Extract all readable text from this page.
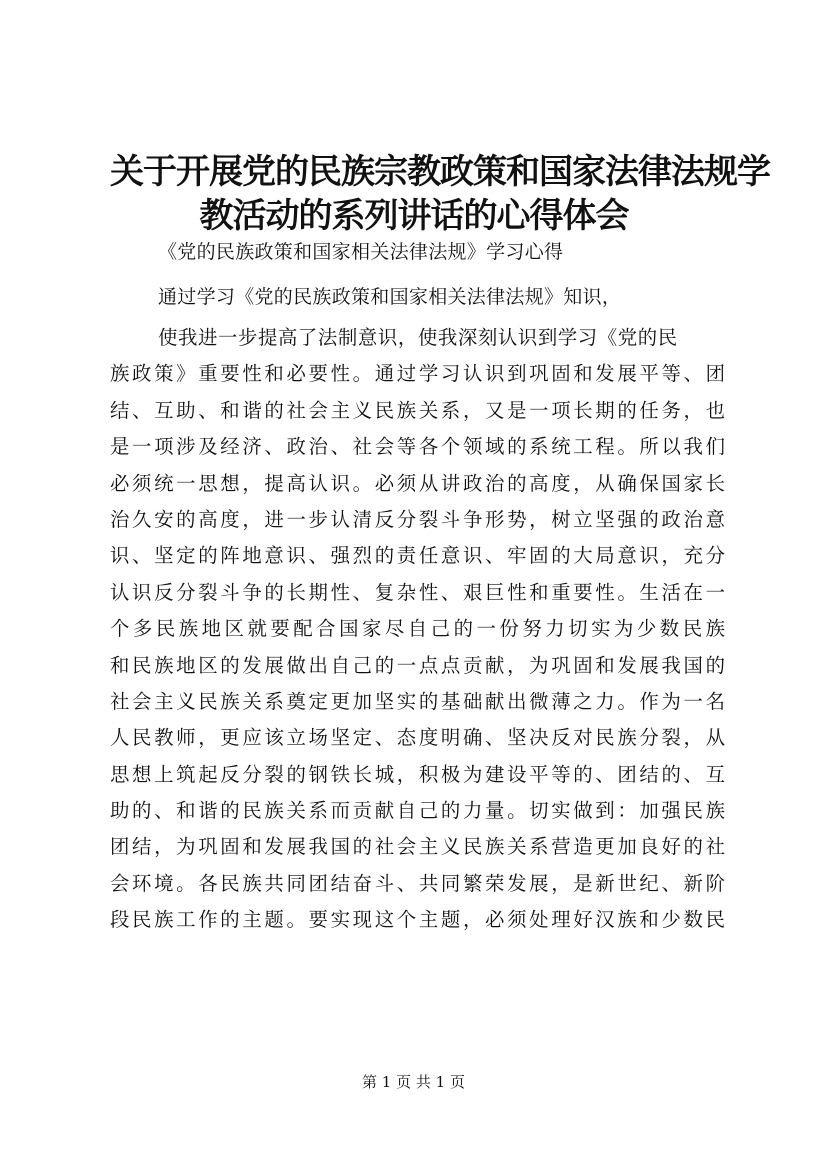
关于开展党的民族宗教政策和国家法律法规学
教活动的系列讲话的心得体会

《党的民族政策和国家相关法律法规》学习心得

通过学习《党的民族政策和国家相关法律法规》知识，

使我进一步提高了法制意识，使我深刻认识到学习《党的民
族政策》重要性和必要性。通过学习认识到巩固和发展平等、团
结、互助、和谐的社会主义民族关系，又是一项长期的任务，也
是一项涉及经济、政治、社会等各个领域的系统工程。所以我们
必须统一思想，提高认识。必须从讲政治的高度，从确保国家长
治久安的高度，进一步认清反分裂斗争形势，树立坚强的政治意
识、坚定的阵地意识、强烈的责任意识、牢固的大局意识，充分
认识反分裂斗争的长期性、复杂性、艰巨性和重要性。生活在一
个多民族地区就要配合国家尽自己的一份努力切实为少数民族
和民族地区的发展做出自己的一点点贡献，为巩固和发展我国的
社会主义民族关系奠定更加坚实的基础献出微薄之力。作为一名
人民教师，更应该立场坚定、态度明确、坚决反对民族分裂，从
思想上筑起反分裂的钢铁长城，积极为建设平等的、团结的、互
助的、和谐的民族关系而贡献自己的力量。切实做到：加强民族
团结，为巩固和发展我国的社会主义民族关系营造更加良好的社
会环境。各民族共同团结奋斗、共同繁荣发展，是新世纪、新阶
段民族工作的主题。要实现这个主题，必须处理好汉族和少数民
第 1 页 共 1 页
